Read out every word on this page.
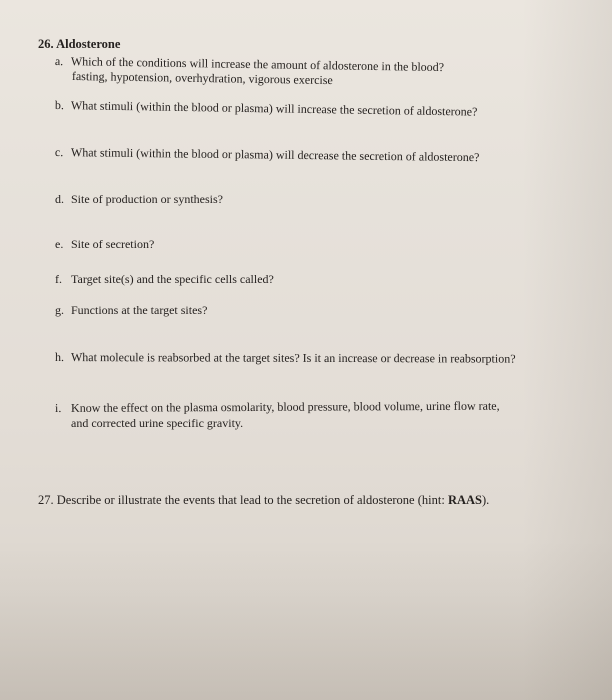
26. Aldosterone
a. Which of the conditions will increase the amount of aldosterone in the blood?
fasting, hypotension, overhydration, vigorous exercise
b. What stimuli (within the blood or plasma) will increase the secretion of aldosterone?
c. What stimuli (within the blood or plasma) will decrease the secretion of aldosterone?
d. Site of production or synthesis?
e. Site of secretion?
f. Target site(s) and the specific cells called?
g. Functions at the target sites?
h. What molecule is reabsorbed at the target sites? Is it an increase or decrease in reabsorption?
i. Know the effect on the plasma osmolarity, blood pressure, blood volume, urine flow rate,
and corrected urine specific gravity.
27. Describe or illustrate the events that lead to the secretion of aldosterone (hint: RAAS).
